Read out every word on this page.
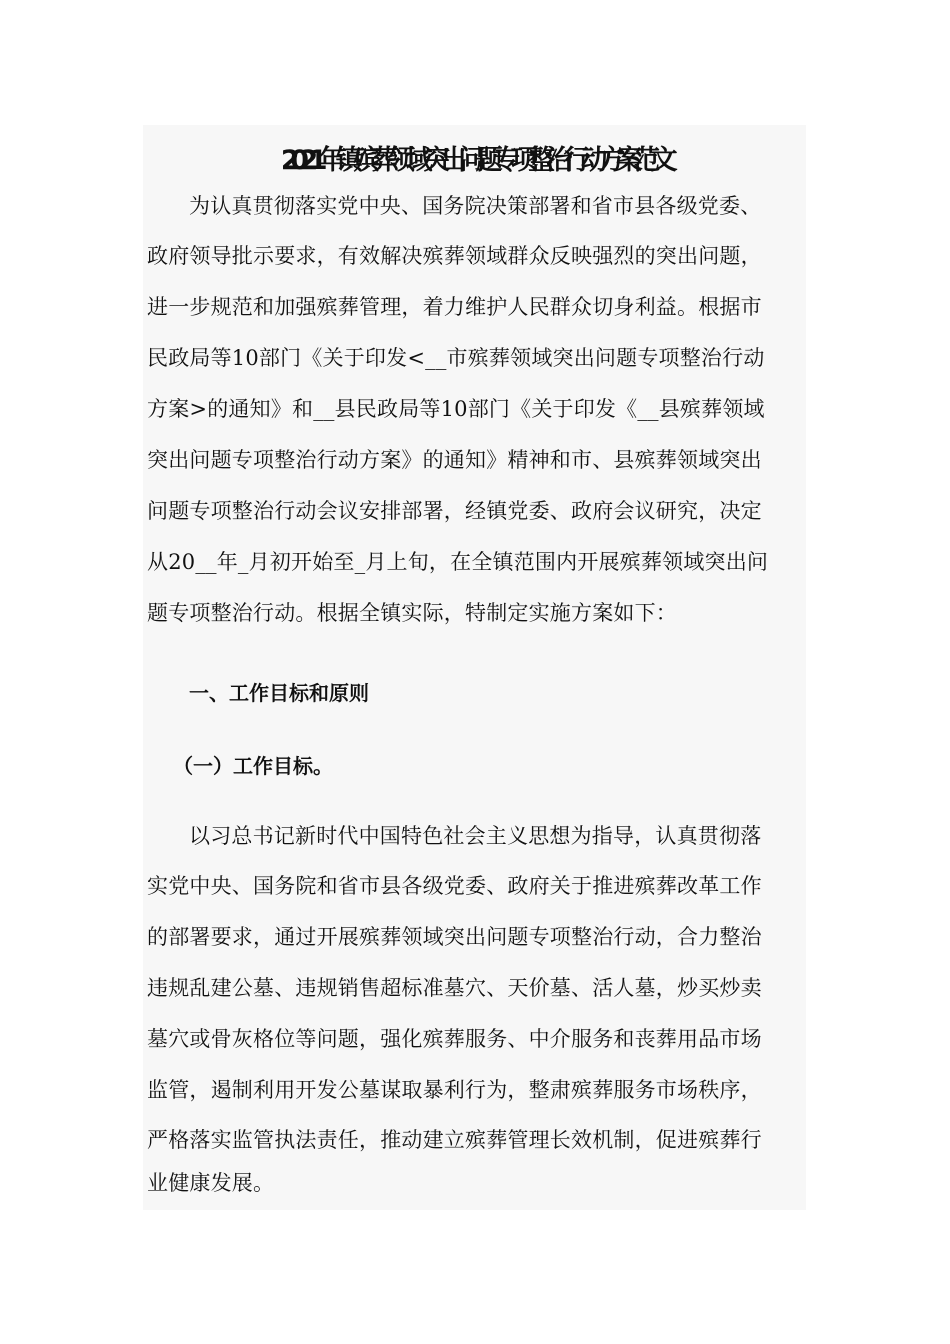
2021年镇殡葬领域突出问题专项整治行动方案范文
为认真贯彻落实党中央、国务院决策部署和省市县各级党委、
政府领导批示要求，有效解决殡葬领域群众反映强烈的突出问题，
进一步规范和加强殡葬管理，着力维护人民群众切身利益。根据市
民政局等10部门《关于印发<__市殡葬领域突出问题专项整治行动
方案>的通知》和__县民政局等10部门《关于印发《__县殡葬领域
突出问题专项整治行动方案》的通知》精神和市、县殡葬领域突出
问题专项整治行动会议安排部署，经镇党委、政府会议研究，决定
从20__年_月初开始至_月上旬，在全镇范围内开展殡葬领域突出问
题专项整治行动。根据全镇实际，特制定实施方案如下：
一、工作目标和原则
（一）工作目标。
以习总书记新时代中国特色社会主义思想为指导，认真贯彻落
实党中央、国务院和省市县各级党委、政府关于推进殡葬改革工作
的部署要求，通过开展殡葬领域突出问题专项整治行动，合力整治
违规乱建公墓、违规销售超标准墓穴、天价墓、活人墓，炒买炒卖
墓穴或骨灰格位等问题，强化殡葬服务、中介服务和丧葬用品市场
监管，遏制利用开发公墓谋取暴利行为，整肃殡葬服务市场秩序，
严格落实监管执法责任，推动建立殡葬管理长效机制，促进殡葬行
业健康发展。
